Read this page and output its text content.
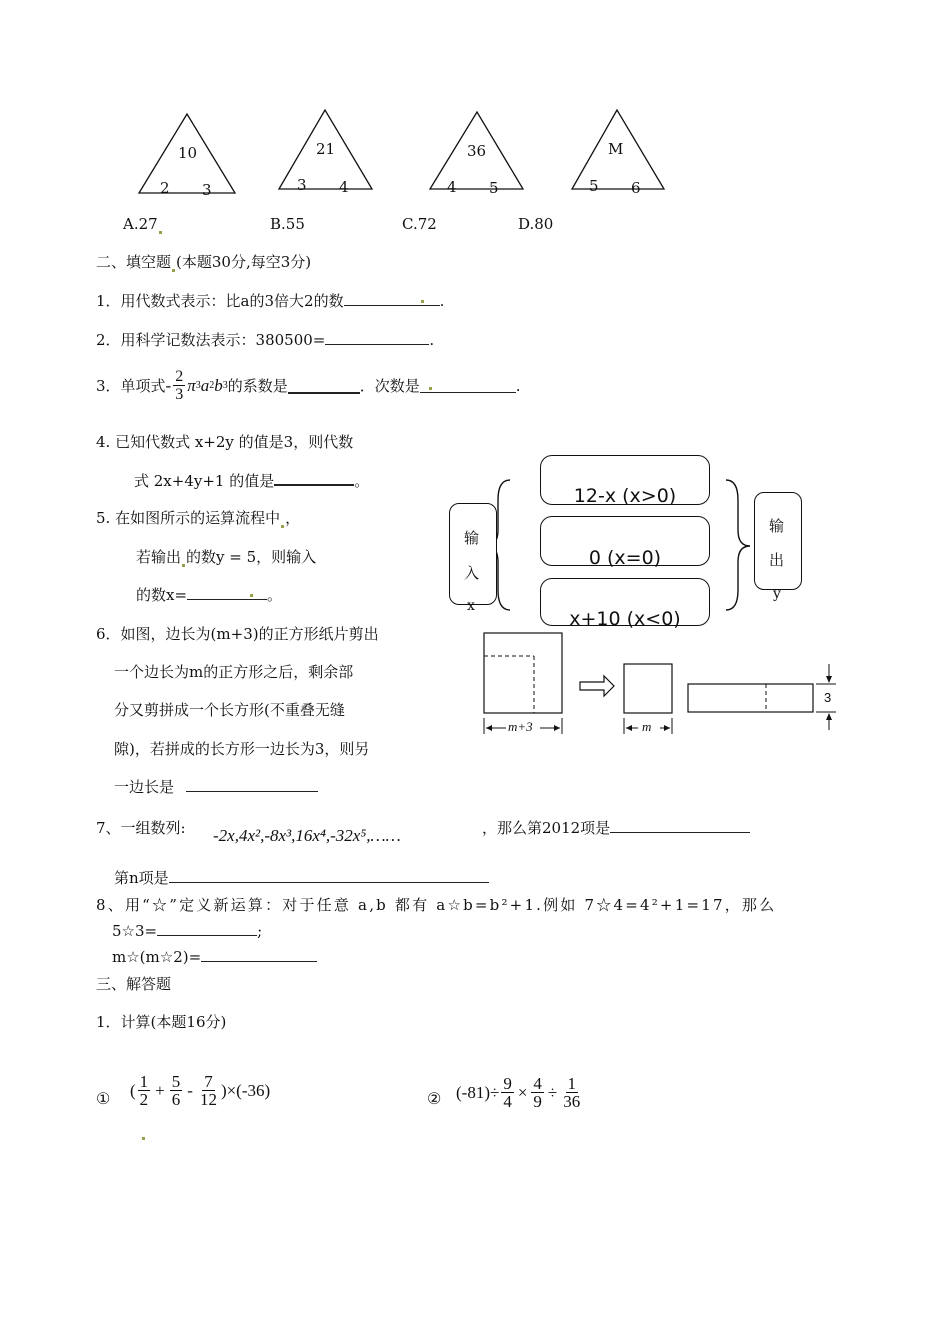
10
2 3
21
3 4
36
4 5
M
5 6
A.27	B.55	C.72	D.80
二、填空题 (本题30分,每空3分)
1．用代数式表示：比a的3倍大2的数	.
2．用科学记数法表示：380500=	.
3．单项式 - $\frac{2}{3}$ π 3 a 2 b 3 的系数是	．次数是	.
4. 已知代数式 x+2y 的值是3，则代数
式 2x+4y+1 的值是	。
5. 在如图所示的运算流程中 ，
若输出 的数y = 5，则输入
的数x=	。
输
入
x
12-x (x>0)
0 (x=0)
x+10 (x<0)
输
出
y
6．如图，边长为(m+3)的正方形纸片剪出
一个边长为m的正方形之后，剩余部
分又剪拼成一个长方形(不重叠无缝
隙)，若拼成的长方形一边长为3，则另
一边长是
m+3	m
3
7、一组数列: -2x,4x²,-8x³,16x⁴,-32x⁵,……	，那么第2012项是
第n项是
8、用“☆”定义新运算：对于任意 a,b 都有 a☆b=b²+1.例如 7☆4=4²+1=17，那么
5☆3=	;
m☆(m☆2)=
三、解答题
1．计算(本题16分)
① ( $\frac{1}{2} + \frac{5}{6} - \frac{7}{12} )\times(-36)$	② $(-81)\div \frac{9}{4} \times \frac{4}{9} \div \frac{1}{36}$
